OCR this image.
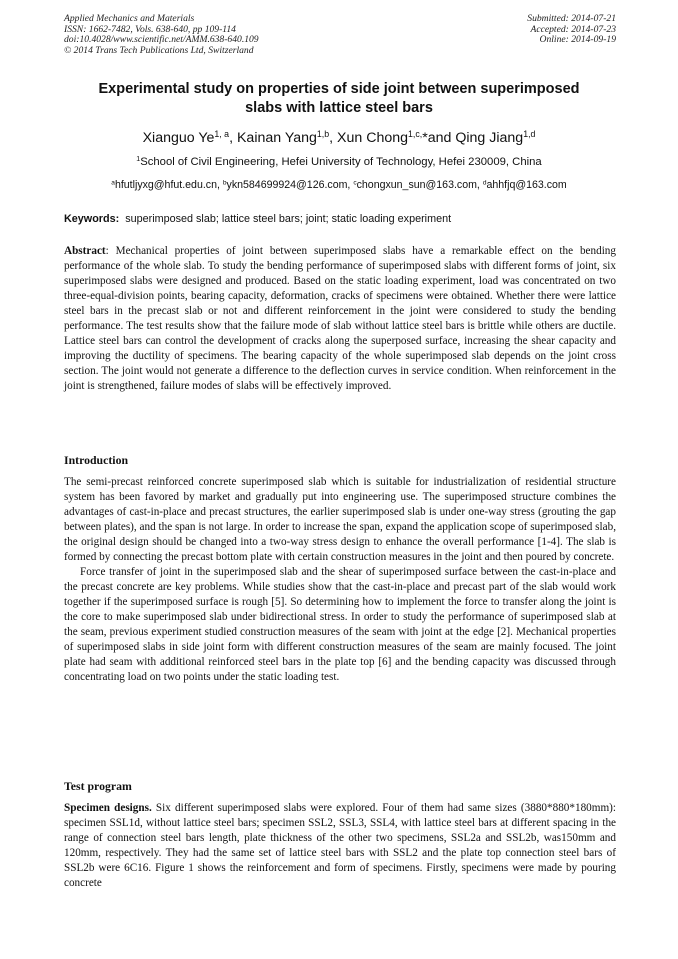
Applied Mechanics and Materials
ISSN: 1662-7482, Vols. 638-640, pp 109-114
doi:10.4028/www.scientific.net/AMM.638-640.109
© 2014 Trans Tech Publications Ltd, Switzerland
Submitted: 2014-07-21
Accepted: 2014-07-23
Online: 2014-09-19
Experimental study on properties of side joint between superimposed
slabs with lattice steel bars
Xianguo Ye$^{1, a}$, Kainan Yang$^{1,b}$, Xun Chong$^{1,c,}$*and Qing Jiang$^{1,d}$
$^1$School of Civil Engineering, Hefei University of Technology, Hefei 230009, China
$^a$hfutljyxg@hfut.edu.cn, $^b$ykn584699924@126.com, $^c$chongxun_sun@163.com, $^d$ahhfjq@163.com
Keywords: superimposed slab; lattice steel bars; joint; static loading experiment

Abstract: Mechanical properties of joint between superimposed slabs have a remarkable effect on the bending performance of the whole slab. To study the bending performance of superimposed slabs with different forms of joint, six superimposed slabs were designed and produced. Based on the static loading experiment, load was concentrated on two three-equal-division points, bearing capacity, deformation, cracks of specimens were obtained. Whether there were lattice steel bars in the precast slab or not and different reinforcement in the joint were considered to study the bending performance. The test results show that the failure mode of slab without lattice steel bars is brittle while others are ductile. Lattice steel bars can control the development of cracks along the superposed surface, increasing the shear capacity and improving the ductility of specimens. The bearing capacity of the whole superimposed slab depends on the joint cross section. The joint would not generate a difference to the deflection curves in service condition. When reinforcement in the joint is strengthened, failure modes of slabs will be effectively improved.

Introduction

The semi-precast reinforced concrete superimposed slab which is suitable for industrialization of residential structure system has been favored by market and gradually put into engineering use. The superimposed structure combines the advantages of cast-in-place and precast structures, the earlier superimposed slab is under one-way stress (grouting the gap between plates), and the span is not large. In order to increase the span, expand the application scope of superimposed slab, the original design should be changed into a two-way stress design to enhance the overall performance [1-4]. The slab is formed by connecting the precast bottom plate with certain construction measures in the joint and then poured by concrete.

Force transfer of joint in the superimposed slab and the shear of superimposed surface between the cast-in-place and the precast concrete are key problems. While studies show that the cast-in-place and precast part of the slab would work together if the superimposed surface is rough [5]. So determining how to implement the force to transfer along the joint is the core to make superimposed slab under bidirectional stress. In order to study the performance of superimposed slab at the seam, previous experiment studied construction measures of the seam with joint at the edge [2]. Mechanical properties of superimposed slabs in side joint form with different construction measures of the seam are mainly focused. The joint plate had seam with additional reinforced steel bars in the plate top [6] and the bending capacity was discussed through concentrating load on two points under the static loading test.

Test program

Specimen designs. Six different superimposed slabs were explored. Four of them had same sizes (3880*880*180mm): specimen SSL1d, without lattice steel bars; specimen SSL2, SSL3, SSL4, with lattice steel bars at different spacing in the range of connection steel bars length, plate thickness of the other two specimens, SSL2a and SSL2b, was150mm and 120mm, respectively. They had the same set of lattice steel bars with SSL2 and the plate top connection steel bars of SSL2b were 6C16. Figure 1 shows the reinforcement and form of specimens. Firstly, specimens were made by pouring concrete
